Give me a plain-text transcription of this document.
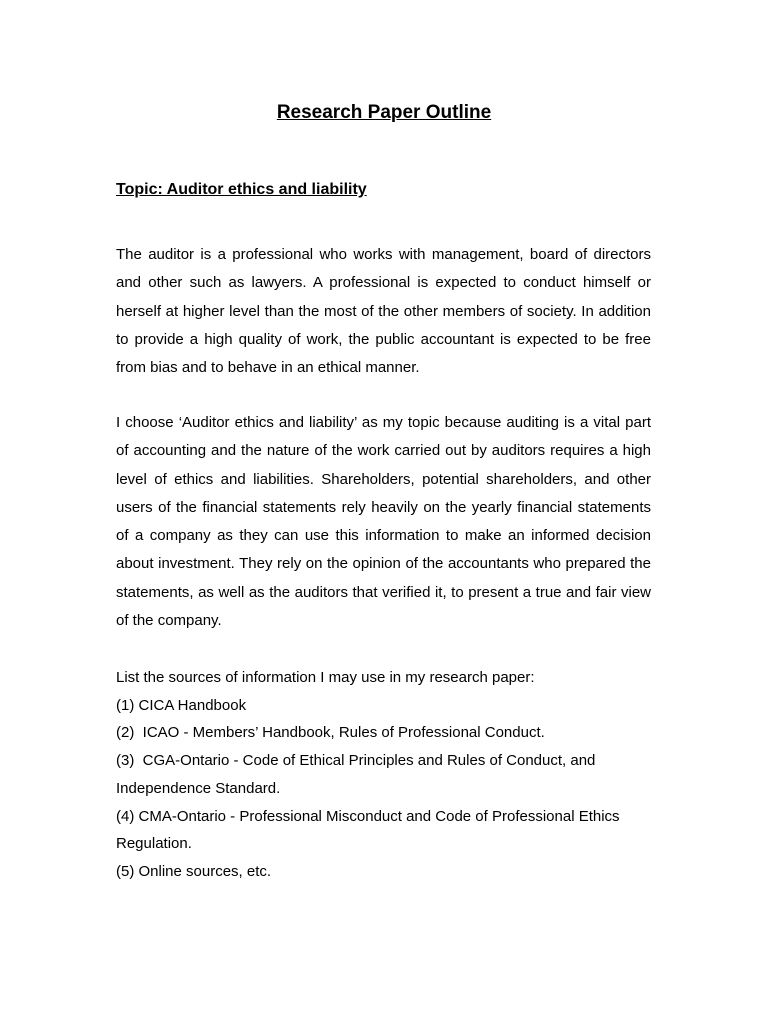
Research Paper Outline
Topic: Auditor ethics and liability

The auditor is a professional who works with management, board of directors and other such as lawyers. A professional is expected to conduct himself or herself at higher level than the most of the other members of society. In addition to provide a high quality of work, the public accountant is expected to be free from bias and to behave in an ethical manner.

I choose ‘Auditor ethics and liability’ as my topic because auditing is a vital part of accounting and the nature of the work carried out by auditors requires a high level of ethics and liabilities. Shareholders, potential shareholders, and other users of the financial statements rely heavily on the yearly financial statements of a company as they can use this information to make an informed decision about investment. They rely on the opinion of the accountants who prepared the statements, as well as the auditors that verified it, to present a true and fair view of the company.

List the sources of information I may use in my research paper:
(1) CICA Handbook
(2)  ICAO - Members’ Handbook, Rules of Professional Conduct.
(3)  CGA-Ontario - Code of Ethical Principles and Rules of Conduct, and Independence Standard.
(4) CMA-Ontario - Professional Misconduct and Code of Professional Ethics Regulation.
(5) Online sources, etc.
